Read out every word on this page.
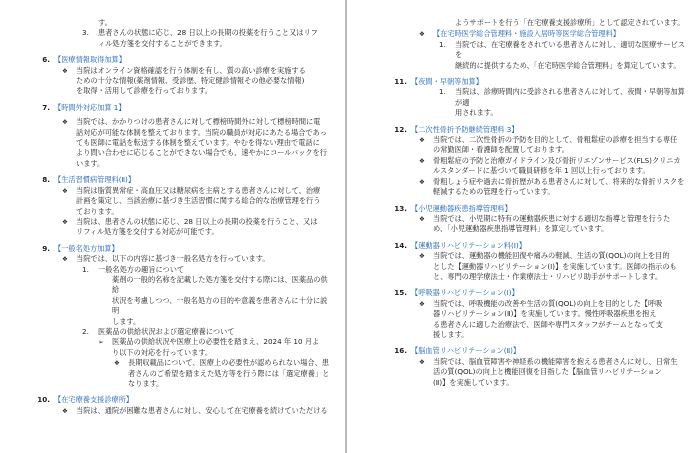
す。
3. 患者さんの状態に応じ、28 日以上の長期の投薬を行うこと又はリフ
ィル処方箋を交付することができます。
6. 【医療情報取得加算】
❖ 当院はオンライン資格確認を行う体制を有し、質の高い診療を実施する
ための十分な情報(薬剤情報、受診歴、特定健診情報その他必要な情報)
を取得・活用して診療を行っております。
7. 【時間外対応加算 1】
❖ 当院では、かかりつけの患者さんに対して標榜時間外に対して標榜時間に電
話対応が可能な体制を整えております。当院の職員が対応にあたる場合であっ
ても医師に電話を転送する体制を整えています。やむを得ない理由で電話に
より問い合わせに応じることができない場合でも、速やかにコールバックを行
います。
8. 【生活習慣病管理料(Ⅱ)】
❖ 当院は脂質異常症・高血圧又は糖尿病を主病とする患者さんに対して、治療
計画を策定し、当該治療に基づき生活習慣に関する総合的な治療管理を行う
ております。
❖ 当院は、患者さんの状態に応じ、28 日以上の長期の投薬を行うこと、又は
リフィル処方箋を交付する対応が可能です。
9. 【一般名処方加算】
❖ 当院では、以下の内容に基づき一般名処方を行っています。
1. 一般名処方の趣旨について
薬剤の一般的名称を記載した処方箋を交付する際には、医薬品の供給
状況を考慮しつつ、一般名処方の目的や意義を患者さんに十分に説明
します。
2. 医薬品の供給状況および選定療養について
➢ 医薬品の供給状況や医療上の必要性を踏まえ、2024 年 10 月よ
り以下の対応を行っています。
❖ 長期収載品について、医療上の必要性が認められない場合、患
者さんのご希望を踏まえた処方等を行う際には「選定療養」と
なります。
10. 【在宅療養支援診療所】
❖ 当院は、通院が困難な患者さんに対し、安心して在宅療養を続けていただける
ようサポートを行う「在宅療養支援診療所」として認定されています。
❖ 【在宅時医学総合管理料・施設入居時等医学総合管理料】
1. 当院では、在宅療養をされている患者さんに対し、適切な医療サービスを
継続的に提供するため、「在宅時医学総合管理料」を算定しています。
11. 【夜間・早朝等加算】
1. 当院は、診療時間内に受診される患者さんに対して、夜間・早朝等加算が適
用されます。
12. 【二次性骨折予防継続管理料 3】
❖ 当院では、二次性骨折の予防を目的として、骨粗鬆症の診療を担当する専任
の常勤医師・看護師を配置しております。
❖ 骨粗鬆症の予防と治療ガイドライン及び骨折リエゾンサービス(FLS)クリニカ
ルスタンダードに基づいて職員研修を年 1 回以上行っております。
❖ 骨粗しょう症や過去に骨折歴がある患者さんに対して、将来的な骨折リスクを
軽減するための管理を行っています。
13. 【小児運動器疾患指導管理料】
❖ 当院では、小児期に特有の運動器疾患に対する適切な指導と管理を行うた
め、「小児運動器疾患指導管理料」を算定しています。
14. 【運動器リハビリテーション料(Ⅰ)】
❖ 当院では、運動器の機能回復や痛みの軽減、生活の質(QOL)の向上を目的
とした【運動器リハビリテーション(Ⅰ)】を実施しています。医師の指示のも
と、専門の理学療法士・作業療法士・リハビリ助手がサポートします。
15. 【呼吸器リハビリテーション(Ⅰ)】
❖ 当院では、呼吸機能の改善や生活の質(QOL)の向上を目的とした【呼吸
器リハビリテーション(Ⅱ)】を実施しています。慢性呼吸器疾患を抱え
る患者さんに適した治療法で、医師や専門スタッフがチームとなって支
援します。
16. 【脳血管リハビリテーション(Ⅱ)】
❖ 当院では、脳血管障害や神経系の機能障害を抱える患者さんに対し、日常生
活の質(QOL)の向上と機能回復を目指した【脳血管リハビリテーション
(Ⅱ)】を実施しています。
